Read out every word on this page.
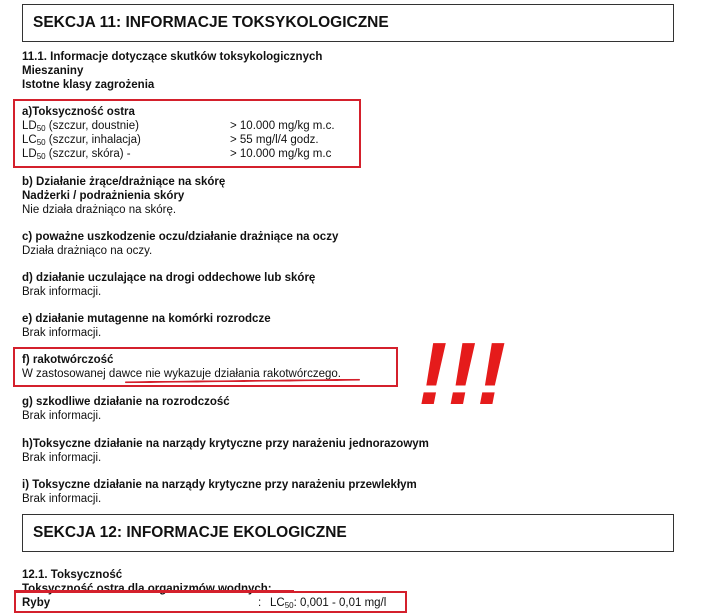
SEKCJA 11: INFORMACJE TOKSYKOLOGICZNE
11.1. Informacje dotyczące skutków toksykologicznych
Mieszaniny
Istotne klasy zagrożenia
a)Toksyczność ostra
$LD_{50}$ (szczur, doustnie)	> 10.000 mg/kg m.c.
$LC_{50}$ (szczur, inhalacja)	> 55 mg/l/4 godz.
$LD_{50}$ (szczur, skóra) -	> 10.000 mg/kg m.c
b) Działanie żrące/drażniące na skórę
Nadżerki / podrażnienia skóry
Nie działa drażniąco na skórę.
c) poważne uszkodzenie oczu/działanie drażniące na oczy
Działa drażniąco na oczy.
d) działanie uczulające na drogi oddechowe lub skórę
Brak informacji.
e) działanie mutagenne na komórki rozrodcze
Brak informacji.
f) rakotwórczość
W zastosowanej dawce nie wykazuje działania rakotwórczego. !!!
g) szkodliwe działanie na rozrodczość
Brak informacji.
h)Toksyczne działanie na narządy krytyczne przy narażeniu jednorazowym
Brak informacji.
i) Toksyczne działanie na narządy krytyczne przy narażeniu przewlekłym
Brak informacji.
SEKCJA 12: INFORMACJE EKOLOGICZNE
12.1. Toksyczność
Toksyczność ostra dla organizmów wodnych:
Ryby	: $LC_{50}$: 0,001 - 0,01 mg/l
